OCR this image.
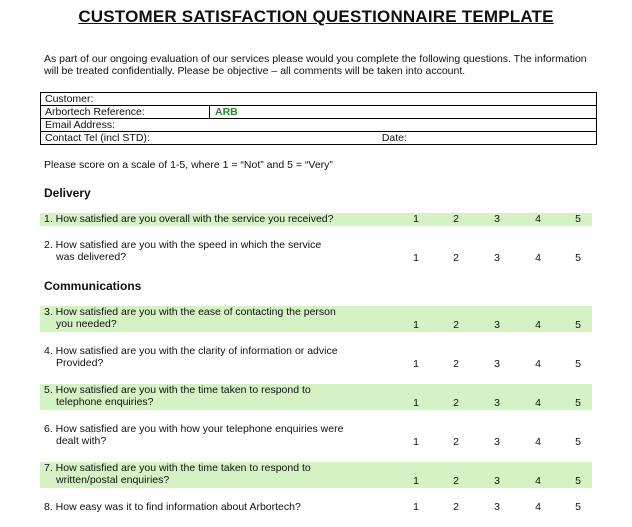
CUSTOMER SATISFACTION QUESTIONNAIRE TEMPLATE
As part of our ongoing evaluation of our services please would you complete the following questions. The information will be treated confidentially. Please be objective – all comments will be taken into account.
Customer:
Arbortech Reference:	ARB
Email Address:
Contact Tel (incl STD):	Date:
Please score on a scale of 1-5, where 1 = “Not” and 5 = “Very”
Delivery
1. How satisfied are you overall with the service you received?	1	2	3	4	5
2. How satisfied are you with the speed in which the service
was delivered?	1	2	3	4	5
Communications
3. How satisfied are you with the ease of contacting the person
you needed?	1	2	3	4	5
4. How satisfied are you with the clarity of information or advice
Provided?	1	2	3	4	5
5. How satisfied are you with the time taken to respond to
telephone enquiries?	1	2	3	4	5
6. How satisfied are you with how your telephone enquiries were
dealt with?	1	2	3	4	5
7. How satisfied are you with the time taken to respond to
written/postal enquiries?	1	2	3	4	5
8. How easy was it to find information about Arbortech?	1	2	3	4	5
